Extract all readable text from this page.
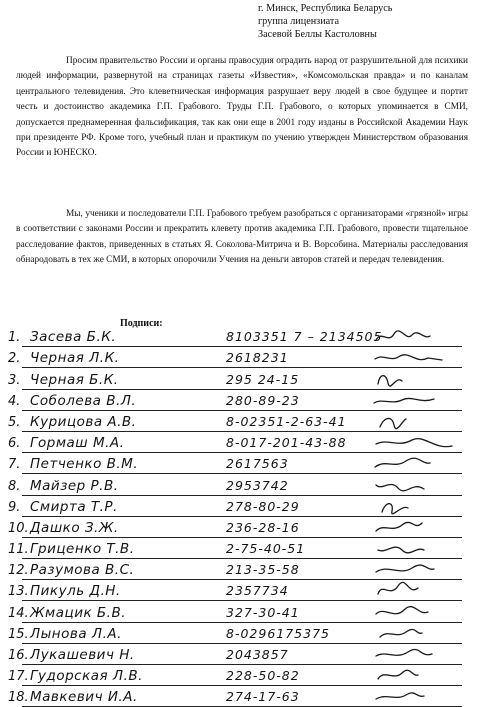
г. Минск, Республика Беларусь
группа лицензиата
Засевой Беллы Кастоловны
Просим правительство России и органы правосудия оградить народ от разрушительной для психики людей информации, развернутой на страницах газеты «Известия», «Комсомольская правда» и по каналам центрального телевидения. Это клеветническая информация разрушает веру людей в свое будущее и портит честь и достоинство академика Г.П. Грабового. Труды Г.П. Грабового, о которых упоминается в СМИ, допускается преднамеренная фальсификация, так как они еще в 2001 году изданы в Российской Академии Наук при президенте РФ. Кроме того, учебный план и практикум по учению утвержден Министерством образования России и ЮНЕСКО.
Мы, ученики и последователи Г.П. Грабового требуем разобраться с организаторами «грязной» игры в соответствии с законами России и прекратить клевету против академика Г.П. Грабового, провести тщательное расследование фактов, приведенных в статьях Я. Соколова-Митрича и В. Ворсобина. Материалы расследования обнародовать в тех же СМИ, в которых опорочили Учения на деньги авторов статей и передач телевидения.
Подписи:
1. Засева Б.К.	8103351 7 – 2134505
2. Черная Л.К.	2618231
3. Черная Б.К.	295 24-15
4. Соболева В.Л.	280-89-23
5. Курицова А.В.	8-02351-2-63-41
6. Гормаш М.А.	8-017-201-43-88
7. Петченко В.М.	2617563
8. Майзер Р.В.	2953742
9. Смирта Т.Р.	278-80-29
10. Дашко З.Ж.	236-28-16
11. Гриценко Т.В.	2-75-40-51
12. Разумова В.С.	213-35-58
13. Пикуль Д.Н.	2357734
14. Жмацик Б.В.	327-30-41
15. Лынова Л.А.	8-0296175375
16. Лукашевич Н.	2043857
17. Гудорская Л.В.	228-50-82
18. Мавкевич И.А.	274-17-63
